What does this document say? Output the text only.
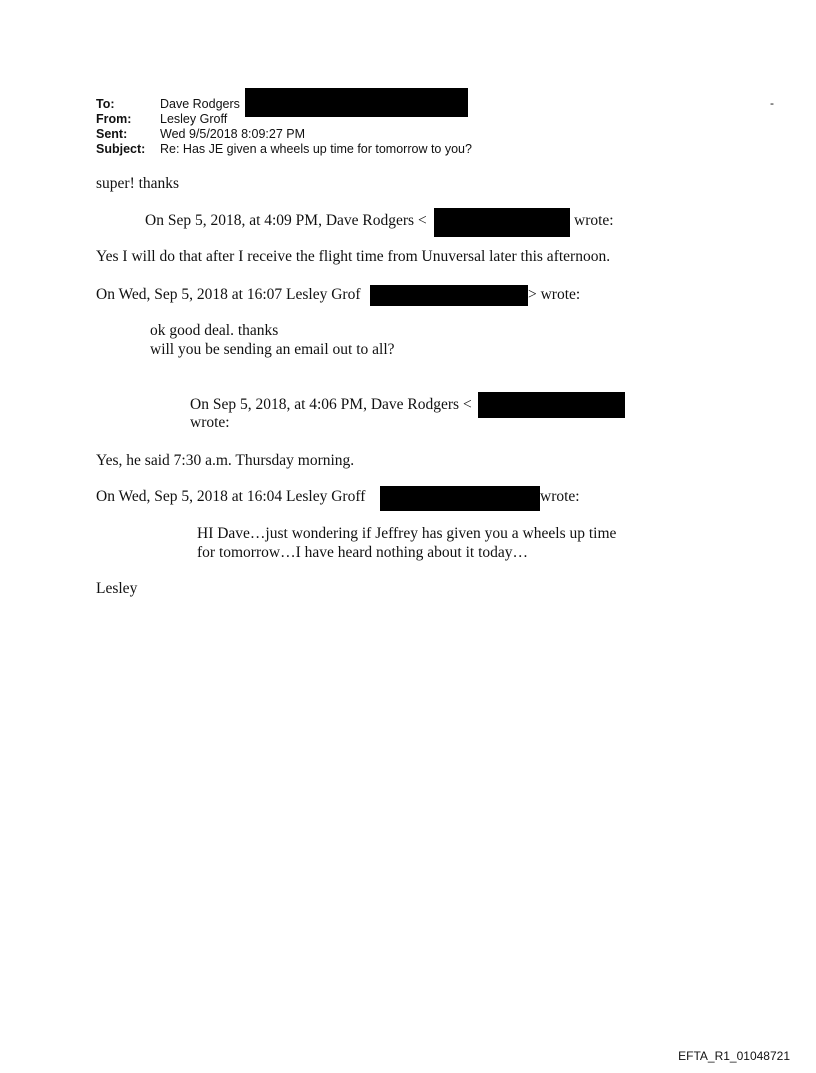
To:	Dave Rodgers
From: Lesley Groff
Sent:	Wed 9/5/2018 8:09:27 PM
Subject: Re: Has JE given a wheels up time for tomorrow to you?
-
super! thanks
On Sep 5, 2018, at 4:09 PM, Dave Rodgers <	wrote:
Yes I will do that after I receive the flight time from Unuversal later this afternoon.
On Wed, Sep 5, 2018 at 16:07 Lesley Grof	> wrote:
ok good deal. thanks
will you be sending an email out to all?
On Sep 5, 2018, at 4:06 PM, Dave Rodgers <
wrote:
Yes, he said 7:30 a.m. Thursday morning.
On Wed, Sep 5, 2018 at 16:04 Lesley Groff	wrote:
HI Dave…just wondering if Jeffrey has given you a wheels up time
for tomorrow…I have heard nothing about it today…
Lesley
EFTA_R1_01048721
